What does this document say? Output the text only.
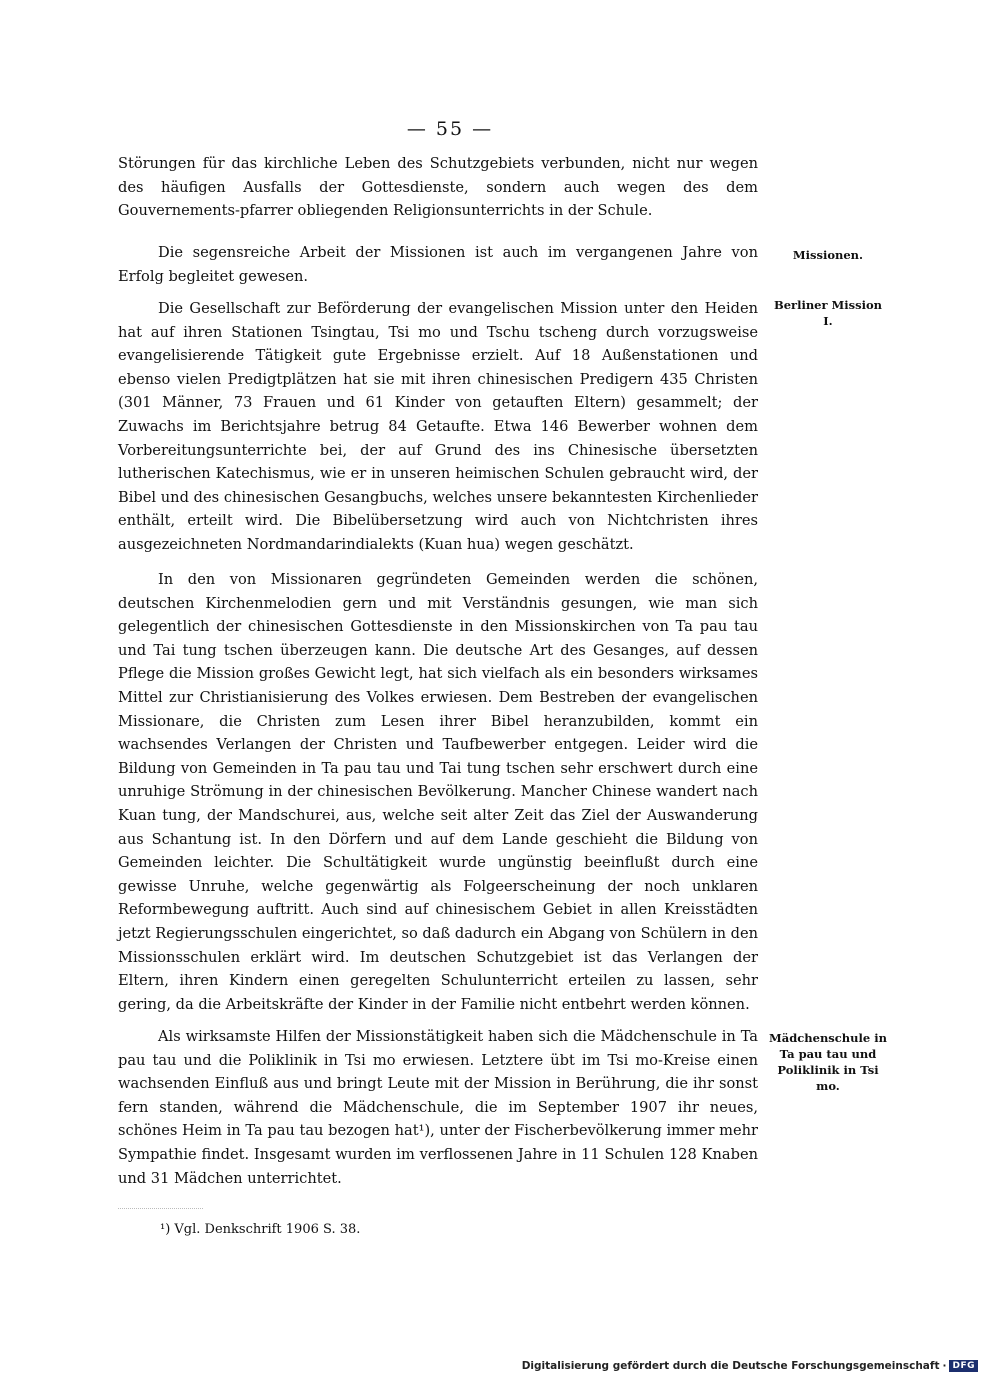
— 55 —

Störungen für das kirchliche Leben des Schutzgebiets verbunden, nicht nur wegen des häufigen Ausfalls der Gottesdienste, sondern auch wegen des dem Gouvernements-pfarrer obliegenden Religionsunterrichts in der Schule.

Die segensreiche Arbeit der Missionen ist auch im vergangenen Jahre von Erfolg begleitet gewesen.

Die Gesellschaft zur Beförderung der evangelischen Mission unter den Heiden hat auf ihren Stationen Tsingtau, Tsi mo und Tschu tscheng durch vorzugsweise evangelisierende Tätigkeit gute Ergebnisse erzielt. Auf 18 Außenstationen und ebenso vielen Predigtplätzen hat sie mit ihren chinesischen Predigern 435 Christen (301 Männer, 73 Frauen und 61 Kinder von getauften Eltern) gesammelt; der Zuwachs im Berichtsjahre betrug 84 Getaufte. Etwa 146 Bewerber wohnen dem Vorbereitungsunterrichte bei, der auf Grund des ins Chinesische übersetzten lutherischen Katechismus, wie er in unseren heimischen Schulen gebraucht wird, der Bibel und des chinesischen Gesangbuchs, welches unsere bekanntesten Kirchenlieder enthält, erteilt wird. Die Bibelübersetzung wird auch von Nichtchristen ihres ausgezeichneten Nordmandarindialekts (Kuan hua) wegen geschätzt.

In den von Missionaren gegründeten Gemeinden werden die schönen, deutschen Kirchenmelodien gern und mit Verständnis gesungen, wie man sich gelegentlich der chinesischen Gottesdienste in den Missionskirchen von Ta pau tau und Tai tung tschen überzeugen kann. Die deutsche Art des Gesanges, auf dessen Pflege die Mission großes Gewicht legt, hat sich vielfach als ein besonders wirksames Mittel zur Christianisierung des Volkes erwiesen. Dem Bestreben der evangelischen Missionare, die Christen zum Lesen ihrer Bibel heranzubilden, kommt ein wachsendes Verlangen der Christen und Taufbewerber entgegen. Leider wird die Bildung von Gemeinden in Ta pau tau und Tai tung tschen sehr erschwert durch eine unruhige Strömung in der chinesischen Bevölkerung. Mancher Chinese wandert nach Kuan tung, der Mandschurei, aus, welche seit alter Zeit das Ziel der Auswanderung aus Schantung ist. In den Dörfern und auf dem Lande geschieht die Bildung von Gemeinden leichter. Die Schultätigkeit wurde ungünstig beeinflußt durch eine gewisse Unruhe, welche gegenwärtig als Folgeerscheinung der noch unklaren Reformbewegung auftritt. Auch sind auf chinesischem Gebiet in allen Kreisstädten jetzt Regierungsschulen eingerichtet, so daß dadurch ein Abgang von Schülern in den Missionsschulen erklärt wird. Im deutschen Schutzgebiet ist das Verlangen der Eltern, ihren Kindern einen geregelten Schulunterricht erteilen zu lassen, sehr gering, da die Arbeitskräfte der Kinder in der Familie nicht entbehrt werden können.

Als wirksamste Hilfen der Missionstätigkeit haben sich die Mädchenschule in Ta pau tau und die Poliklinik in Tsi mo erwiesen. Letztere übt im Tsi mo-Kreise einen wachsenden Einfluß aus und bringt Leute mit der Mission in Berührung, die ihr sonst fern standen, während die Mädchenschule, die im September 1907 ihr neues, schönes Heim in Ta pau tau bezogen hat¹), unter der Fischerbevölkerung immer mehr Sympathie findet. Insgesamt wurden im verflossenen Jahre in 11 Schulen 128 Knaben und 31 Mädchen unterrichtet.

Missionen.
Berliner Mission I.
Mädchenschule in Ta pau tau und Poliklinik in Tsi mo.
¹) Vgl. Denkschrift 1906 S. 38.
Digitalisierung gefördert durch die Deutsche Forschungsgemeinschaft · DFG
